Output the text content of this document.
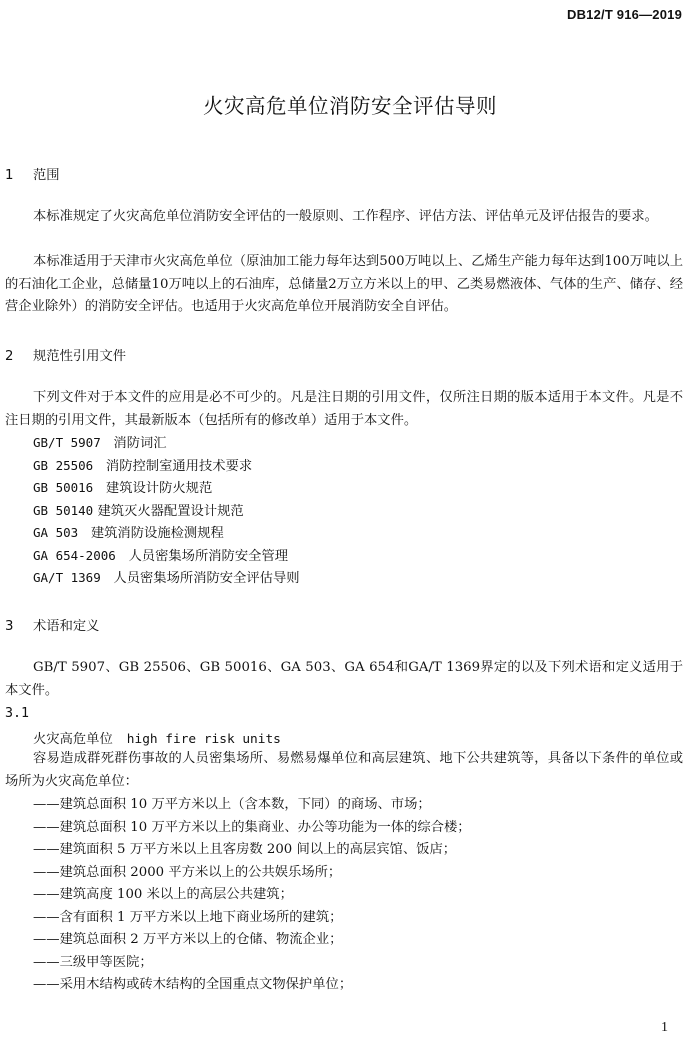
DB12/T 916—2019
火灾高危单位消防安全评估导则
1 范围

本标准规定了火灾高危单位消防安全评估的一般原则、工作程序、评估方法、评估单元及评估报告的要求。

本标准适用于天津市火灾高危单位（原油加工能力每年达到500万吨以上、乙烯生产能力每年达到100万吨以上的石油化工企业，总储量10万吨以上的石油库，总储量2万立方米以上的甲、乙类易燃液体、气体的生产、储存、经营企业除外）的消防安全评估。也适用于火灾高危单位开展消防安全自评估。

2 规范性引用文件

下列文件对于本文件的应用是必不可少的。凡是注日期的引用文件，仅所注日期的版本适用于本文件。凡是不注日期的引用文件，其最新版本（包括所有的修改单）适用于本文件。

GB/T 5907 消防词汇
GB 25506 消防控制室通用技术要求
GB 50016 建筑设计防火规范
GB 50140 建筑灭火器配置设计规范
GA 503 建筑消防设施检测规程
GA 654-2006 人员密集场所消防安全管理
GA/T 1369 人员密集场所消防安全评估导则
3 术语和定义

GB/T 5907、GB 25506、GB 50016、GA 503、GA 654和GA/T 1369界定的以及下列术语和定义适用于本文件。

3.1
火灾高危单位 high fire risk units

容易造成群死群伤事故的人员密集场所、易燃易爆单位和高层建筑、地下公共建筑等，具备以下条件的单位或场所为火灾高危单位：

——建筑总面积 10 万平方米以上（含本数，下同）的商场、市场；
——建筑总面积 10 万平方米以上的集商业、办公等功能为一体的综合楼；
——建筑面积 5 万平方米以上且客房数 200 间以上的高层宾馆、饭店；
——建筑总面积 2000 平方米以上的公共娱乐场所；
——建筑高度 100 米以上的高层公共建筑；
——含有面积 1 万平方米以上地下商业场所的建筑；
——建筑总面积 2 万平方米以上的仓储、物流企业；
——三级甲等医院；
——采用木结构或砖木结构的全国重点文物保护单位；
1
